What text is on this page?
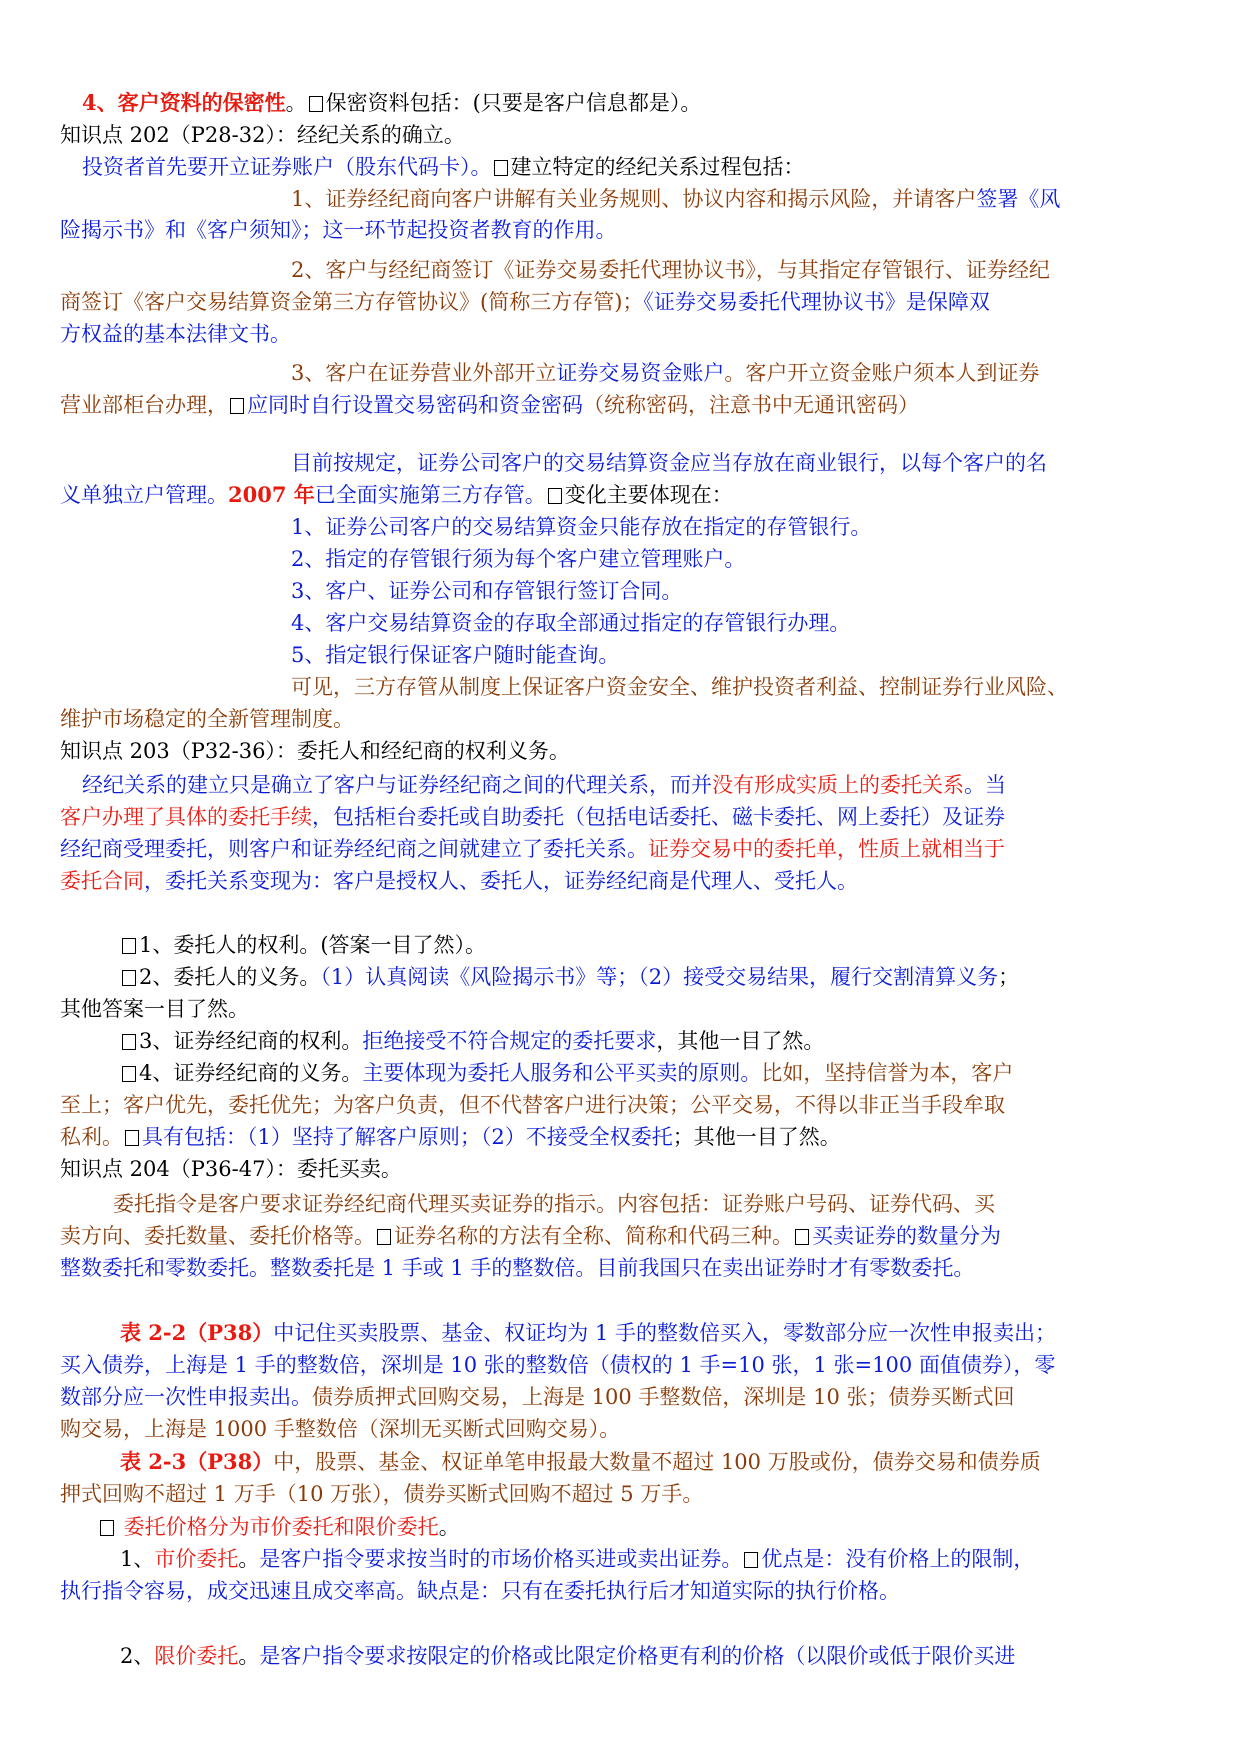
4、客户资料的保密性。 保密资料包括：(只要是客户信息都是）。
知识点 202（P28-32）：经纪关系的确立。
投资者首先要开立证券账户（股东代码卡）。 建立特定的经纪关系过程包括：
1、证券经纪商向客户讲解有关业务规则、协议内容和揭示风险，并请客户签署《风
险揭示书》和《客户须知》；这一环节起投资者教育的作用。
2、客户与经纪商签订《证券交易委托代理协议书》，与其指定存管银行、证券经纪
商签订《客户交易结算资金第三方存管协议》(简称三方存管)；《证券交易委托代理协议书》是保障双
方权益的基本法律文书。
3、客户在证券营业外部开立证券交易资金账户。客户开立资金账户须本人到证券
营业部柜台办理， 应同时自行设置交易密码和资金密码（统称密码，注意书中无通讯密码）
目前按规定，证券公司客户的交易结算资金应当存放在商业银行，以每个客户的名
义单独立户管理。2007 年已全面实施第三方存管。 变化主要体现在：
1、证券公司客户的交易结算资金只能存放在指定的存管银行。
2、指定的存管银行须为每个客户建立管理账户。
3、客户、证券公司和存管银行签订合同。
4、客户交易结算资金的存取全部通过指定的存管银行办理。
5、指定银行保证客户随时能查询。
可见，三方存管从制度上保证客户资金安全、维护投资者利益、控制证券行业风险、
维护市场稳定的全新管理制度。
知识点 203（P32-36）：委托人和经纪商的权利义务。
经纪关系的建立只是确立了客户与证券经纪商之间的代理关系，而并没有形成实质上的委托关系。当
客户办理了具体的委托手续，包括柜台委托或自助委托（包括电话委托、磁卡委托、网上委托）及证券
经纪商受理委托，则客户和证券经纪商之间就建立了委托关系。证券交易中的委托单，性质上就相当于
委托合同，委托关系变现为：客户是授权人、委托人，证券经纪商是代理人、受托人。
1、委托人的权利。(答案一目了然）。
2、委托人的义务。（1）认真阅读《风险揭示书》等；（2）接受交易结果，履行交割清算义务；
其他答案一目了然。
3、证券经纪商的权利。拒绝接受不符合规定的委托要求，其他一目了然。
4、证券经纪商的义务。主要体现为委托人服务和公平买卖的原则。比如，坚持信誉为本，客户
至上；客户优先，委托优先；为客户负责，但不代替客户进行决策；公平交易，不得以非正当手段牟取
私利。 具有包括：（1）坚持了解客户原则；（2）不接受全权委托；其他一目了然。
知识点 204（P36-47）：委托买卖。
委托指令是客户要求证券经纪商代理买卖证券的指示。内容包括：证券账户号码、证券代码、买
卖方向、委托数量、委托价格等。 证券名称的方法有全称、简称和代码三种。 买卖证券的数量分为
整数委托和零数委托。整数委托是 1 手或 1 手的整数倍。目前我国只在卖出证券时才有零数委托。
表 2-2（P38）中记住买卖股票、基金、权证均为 1 手的整数倍买入，零数部分应一次性申报卖出；
买入债券，上海是 1 手的整数倍，深圳是 10 张的整数倍（债权的 1 手=10 张，1 张=100 面值债券），零
数部分应一次性申报卖出。债券质押式回购交易，上海是 100 手整数倍，深圳是 10 张；债券买断式回
购交易，上海是 1000 手整数倍（深圳无买断式回购交易）。
表 2-3（P38）中，股票、基金、权证单笔申报最大数量不超过 100 万股或份，债券交易和债券质
押式回购不超过 1 万手（10 万张），债券买断式回购不超过 5 万手。
委托价格分为市价委托和限价委托。
1、市价委托。是客户指令要求按当时的市场价格买进或卖出证券。 优点是：没有价格上的限制，
执行指令容易，成交迅速且成交率高。缺点是：只有在委托执行后才知道实际的执行价格。
2、限价委托。是客户指令要求按限定的价格或比限定价格更有利的价格（以限价或低于限价买进
